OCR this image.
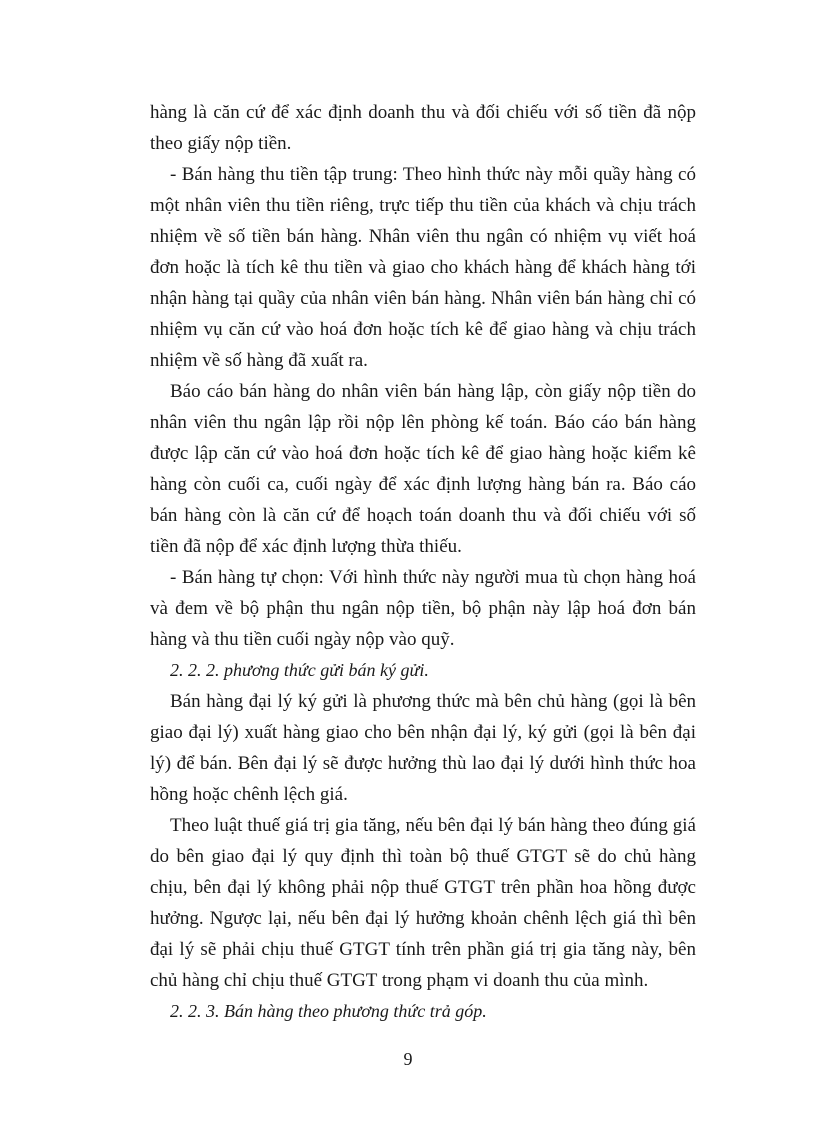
hàng là căn cứ để xác định doanh thu và đối chiếu với số tiền đã nộp theo giấy nộp tiền.

- Bán hàng thu tiền tập trung: Theo hình thức này mỗi quầy hàng có một nhân viên thu tiền riêng, trực tiếp thu tiền của khách và chịu trách nhiệm về số tiền bán hàng. Nhân viên thu ngân có nhiệm vụ viết hoá đơn hoặc là tích kê thu tiền và giao cho khách hàng để khách hàng tới nhận hàng tại quầy của nhân viên bán hàng. Nhân viên bán hàng chỉ có nhiệm vụ căn cứ vào hoá đơn hoặc tích kê để giao hàng và chịu trách nhiệm về số hàng đã xuất ra.

Báo cáo bán hàng do nhân viên bán hàng lập, còn giấy nộp tiền do nhân viên thu ngân lập rồi nộp lên phòng kế toán. Báo cáo bán hàng được lập căn cứ vào hoá đơn hoặc tích kê để giao hàng hoặc kiểm kê hàng còn cuối ca, cuối ngày để xác định lượng hàng bán ra. Báo cáo bán hàng còn là căn cứ để hoạch toán doanh thu và đối chiếu với số tiền đã nộp để xác định lượng thừa thiếu.

- Bán hàng tự chọn: Với hình thức này người mua tù chọn hàng hoá và đem về bộ phận thu ngân nộp tiền, bộ phận này lập hoá đơn bán hàng và thu tiền cuối ngày nộp vào quỹ.

2. 2. 2. phương thức gửi bán ký gửi.

Bán hàng đại lý ký gửi là phương thức mà bên chủ hàng (gọi là bên giao đại lý) xuất hàng giao cho bên nhận đại lý, ký gửi (gọi là bên đại lý) để bán. Bên đại lý sẽ được hưởng thù lao đại lý dưới hình thức hoa hồng hoặc chênh lệch giá.

Theo luật thuế giá trị gia tăng, nếu bên đại lý bán hàng theo đúng giá do bên giao đại lý quy định thì toàn bộ thuế GTGT sẽ do chủ hàng chịu, bên đại lý không phải nộp thuế GTGT trên phần hoa hồng được hưởng. Ngược lại, nếu bên đại lý hưởng khoản chênh lệch giá thì bên đại lý sẽ phải chịu thuế GTGT tính trên phần giá trị gia tăng này, bên chủ hàng chỉ chịu thuế GTGT trong phạm vi doanh thu của mình.

2. 2. 3. Bán hàng theo phương thức trả góp.

9
